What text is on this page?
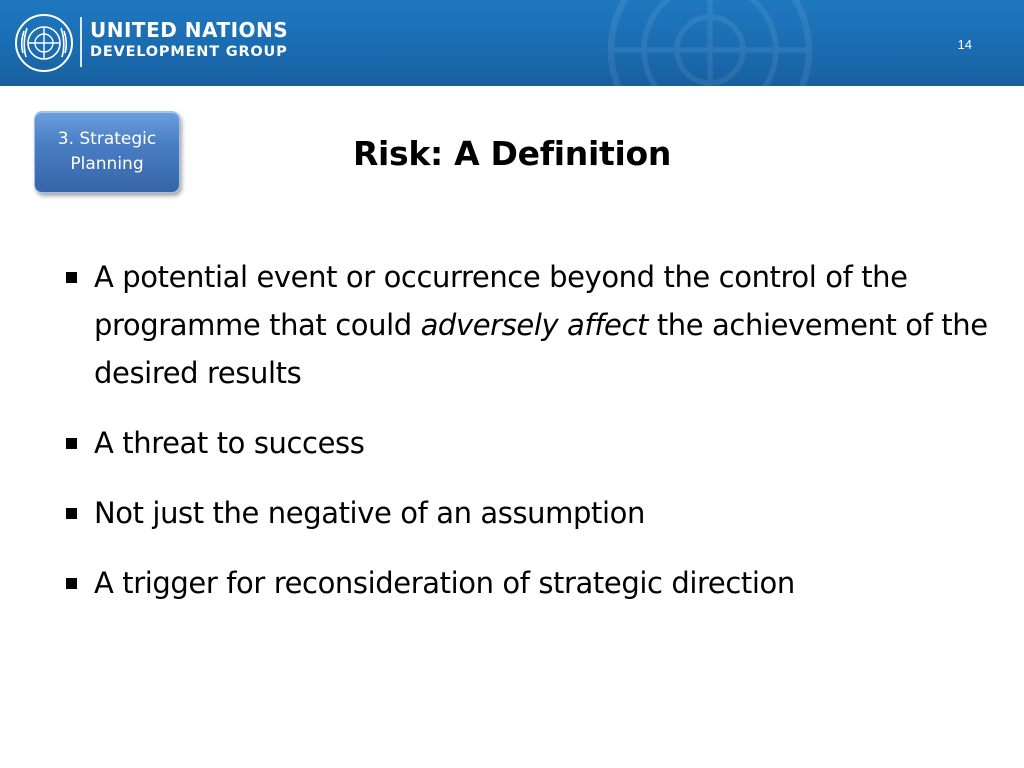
UNITED NATIONS
DEVELOPMENT GROUP	14
3. Strategic
Planning	Risk: A Definition
A potential event or occurrence beyond the control of the programme that could adversely affect the achievement of the desired results
A threat to success
Not just the negative of an assumption
A trigger for reconsideration of strategic direction
